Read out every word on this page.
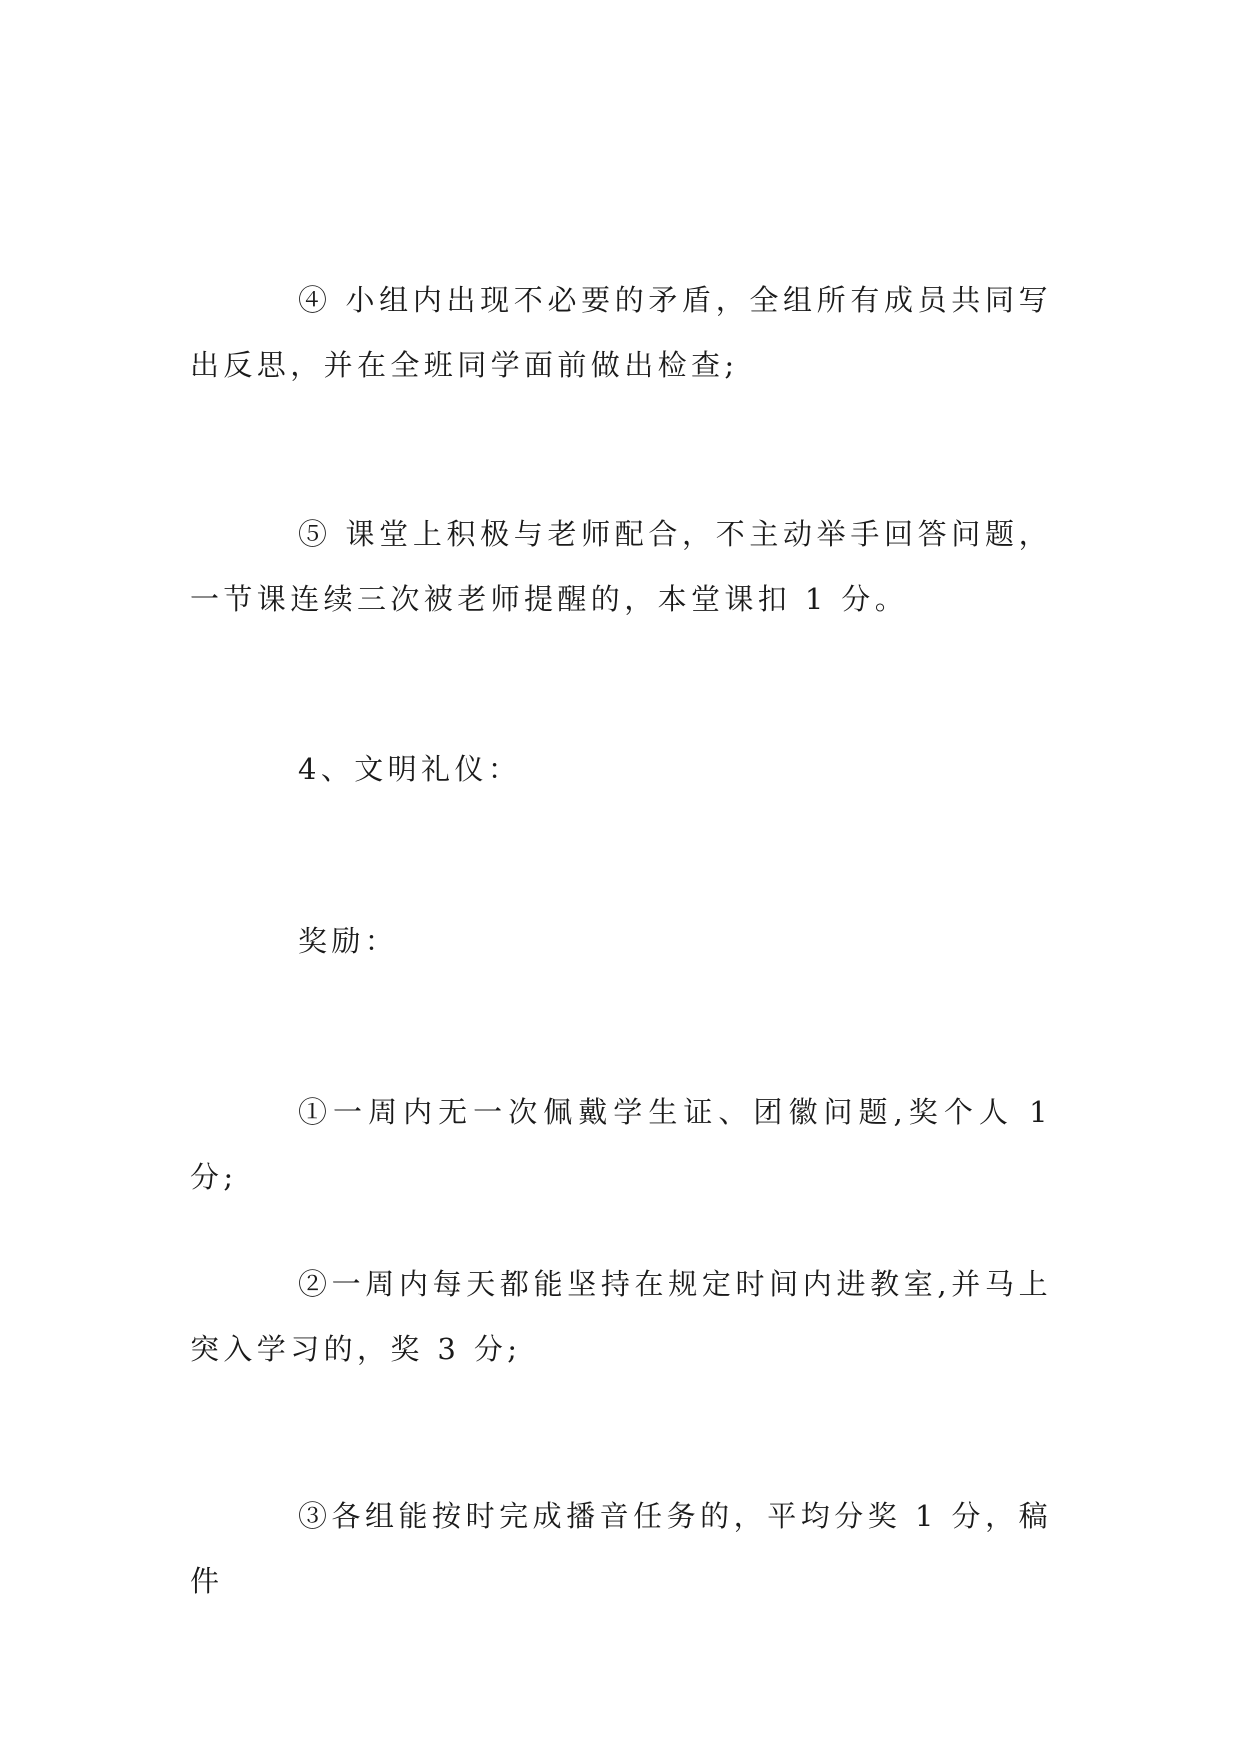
④ 小组内出现不必要的矛盾，全组所有成员共同写出反思，并在全班同学面前做出检查;

⑤ 课堂上积极与老师配合，不主动举手回答问题，一节课连续三次被老师提醒的，本堂课扣 1 分。

4、文明礼仪：

奖励：

①一周内无一次佩戴学生证、团徽问题,奖个人 1 分;

②一周内每天都能坚持在规定时间内进教室,并马上突入学习的，奖 3 分;

③各组能按时完成播音任务的，平均分奖 1 分，稿件
